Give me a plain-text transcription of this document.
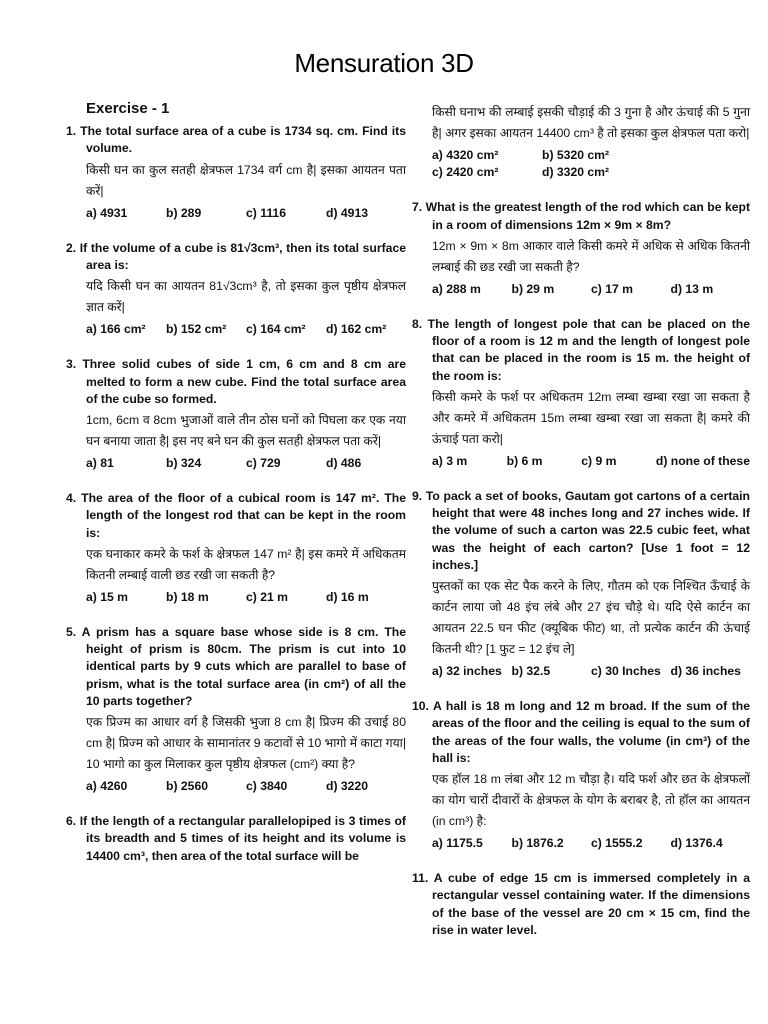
Mensuration 3D
Exercise - 1
1. The total surface area of a cube is 1734 sq. cm. Find its volume.
किसी घन का कुल सतही क्षेत्रफल 1734 वर्ग cm है| इसका आयतन पता करें|
a) 4931	b) 289	c) 1116	d) 4913
2. If the volume of a cube is 81√3cm³, then its total surface area is:
यदि किसी घन का आयतन 81√3cm³ है, तो इसका कुल पृष्ठीय क्षेत्रफल ज्ञात करें|
a) 166 cm²	b) 152 cm²	c) 164 cm²	d) 162 cm²
3. Three solid cubes of side 1 cm, 6 cm and 8 cm are melted to form a new cube. Find the total surface area of the cube so formed.
1cm, 6cm व 8cm भुजाओं वाले तीन ठोस घनों को पिघला कर एक नया घन बनाया जाता है| इस नए बने घन की कुल सतही क्षेत्रफल पता करें|
a) 81	b) 324	c) 729	d) 486
4. The area of the floor of a cubical room is 147 m². The length of the longest rod that can be kept in the room is:
एक घनाकार कमरे के फर्श के क्षेत्रफल 147 m² है| इस कमरे में अधिकतम कितनी लम्बाई वाली छड रखी जा सकती है?
a) 15 m	b) 18 m	c) 21 m	d) 16 m
5. A prism has a square base whose side is 8 cm. The height of prism is 80cm. The prism is cut into 10 identical parts by 9 cuts which are parallel to base of prism, what is the total surface area (in cm²) of all the 10 parts together?
एक प्रिज्म का आधार वर्ग है जिसकी भुजा 8 cm है| प्रिज्म की उचाई 80 cm है| प्रिज्म को आधार के सामानांतर 9 कटावों से 10 भागो में काटा गया| 10 भागो का कुल मिलाकर कुल पृष्ठीय क्षेत्रफल (cm²) क्या है?
a) 4260	b) 2560	c) 3840	d) 3220
6. If the length of a rectangular parallelopiped is 3 times of its breadth and 5 times of its height and its volume is 14400 cm³, then area of the total surface will be
किसी घनाभ की लम्बाई इसकी चौड़ाई की 3 गुना है और ऊंचाई की 5 गुना है| अगर इसका आयतन 14400 cm³ है तो इसका कुल क्षेत्रफल पता करो|
a) 4320 cm²	b) 5320 cm²
c) 2420 cm²	d) 3320 cm²
7. What is the greatest length of the rod which can be kept in a room of dimensions 12m × 9m × 8m?
12m × 9m × 8m आकार वाले किसी कमरे में अधिक से अधिक कितनी लम्बाई की छड रखी जा सकती है?
a) 288 m	b) 29 m	c) 17 m	d) 13 m
8. The length of longest pole that can be placed on the floor of a room is 12 m and the length of longest pole that can be placed in the room is 15 m. the height of the room is:
किसी कमरे के फर्श पर अधिकतम 12m लम्बा खम्बा रखा जा सकता है और कमरे में अधिकतम 15m लम्बा खम्बा रखा जा सकता है| कमरे की ऊंचाई पता करो|
a) 3 m	b) 6 m	c) 9 m	d) none of these
9. To pack a set of books, Gautam got cartons of a certain height that were 48 inches long and 27 inches wide. If the volume of such a carton was 22.5 cubic feet, what was the height of each carton? [Use 1 foot = 12 inches.]
पुस्तकों का एक सेट पैक करने के लिए, गौतम को एक निश्चित ऊँचाई के कार्टन लाया जो 48 इंच लंबे और 27 इंच चौड़े थे। यदि ऐसे कार्टन का आयतन 22.5 घन फीट (क्यूबिक फीट) था, तो प्रत्येक कार्टन की ऊंचाई कितनी थी? [1 फुट = 12 इंच ले]
a) 32 inches b) 32.5	c) 30 Inches d) 36 inches
10. A hall is 18 m long and 12 m broad. If the sum of the areas of the floor and the ceiling is equal to the sum of the areas of the four walls, the volume (in cm³) of the hall is:
एक हॉल 18 m लंबा और 12 m चौड़ा है। यदि फर्श और छत के क्षेत्रफलों का योग चारों दीवारों के क्षेत्रफल के योग के बराबर है, तो हॉल का आयतन (in cm³) है:
a) 1175.5	b) 1876.2	c) 1555.2	d) 1376.4
11. A cube of edge 15 cm is immersed completely in a rectangular vessel containing water. If the dimensions of the base of the vessel are 20 cm × 15 cm, find the rise in water level.
